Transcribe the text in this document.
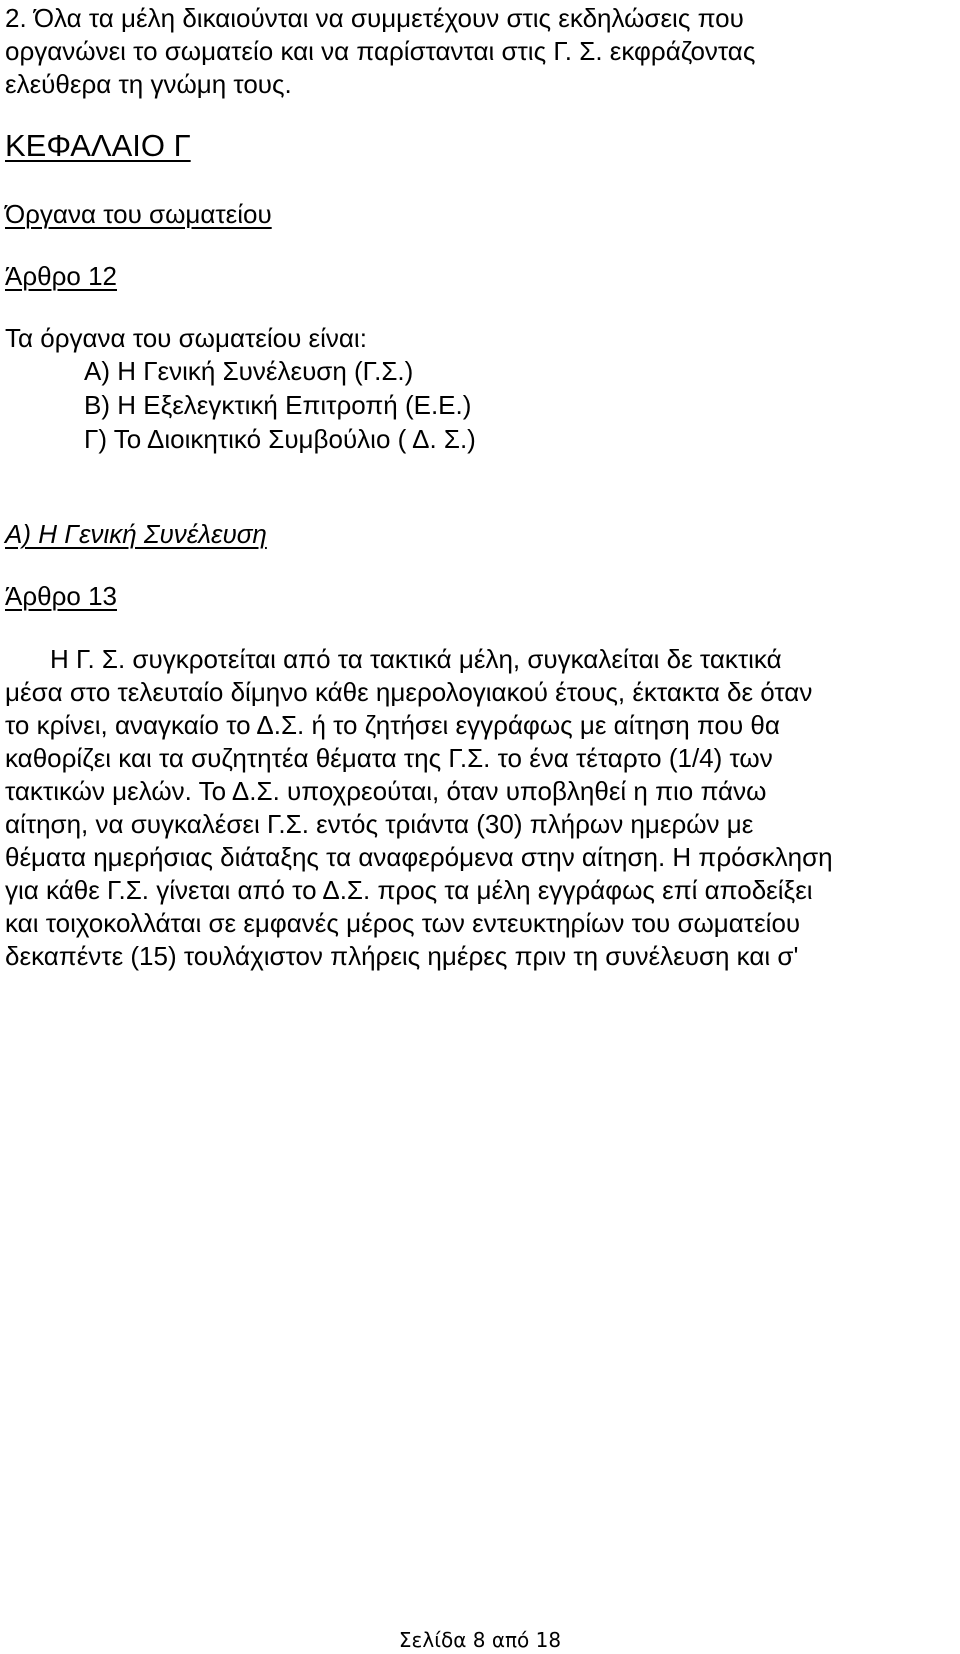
2. Όλα τα μέλη δικαιούνται να συμμετέχουν στις εκδηλώσεις που
οργανώνει το σωματείο και να παρίστανται στις Γ. Σ. εκφράζοντας
ελεύθερα τη γνώμη τους.
ΚΕΦΑΛΑΙΟ Γ
Όργανα του σωματείου
Άρθρο 12
Τα όργανα του σωματείου είναι:
Α) Η Γενική Συνέλευση (Γ.Σ.)
Β) Η Εξελεγκτική Επιτροπή (Ε.Ε.)
Γ) Το Διοικητικό Συμβούλιο ( Δ. Σ.)
Α) Η Γενική Συνέλευση
Άρθρο 13
Η Γ. Σ. συγκροτείται από τα τακτικά μέλη, συγκαλείται δε τακτικά
μέσα στο τελευταίο δίμηνο κάθε ημερολογιακού έτους, έκτακτα δε όταν
το κρίνει, αναγκαίο το Δ.Σ. ή το ζητήσει εγγράφως με αίτηση που θα
καθορίζει και τα συζητητέα θέματα της Γ.Σ. το ένα τέταρτο (1/4) των
τακτικών μελών. Το Δ.Σ. υποχρεούται, όταν υποβληθεί η πιο πάνω
αίτηση, να συγκαλέσει Γ.Σ. εντός τριάντα (30) πλήρων ημερών με
θέματα ημερήσιας διάταξης τα αναφερόμενα στην αίτηση. Η πρόσκληση
για κάθε Γ.Σ. γίνεται από το Δ.Σ. προς τα μέλη εγγράφως επί αποδείξει
και τοιχοκολλάται σε εμφανές μέρος των εντευκτηρίων του σωματείου
δεκαπέντε (15) τουλάχιστον πλήρεις ημέρες πριν τη συνέλευση και σ'
Σελίδα 8 από 18
